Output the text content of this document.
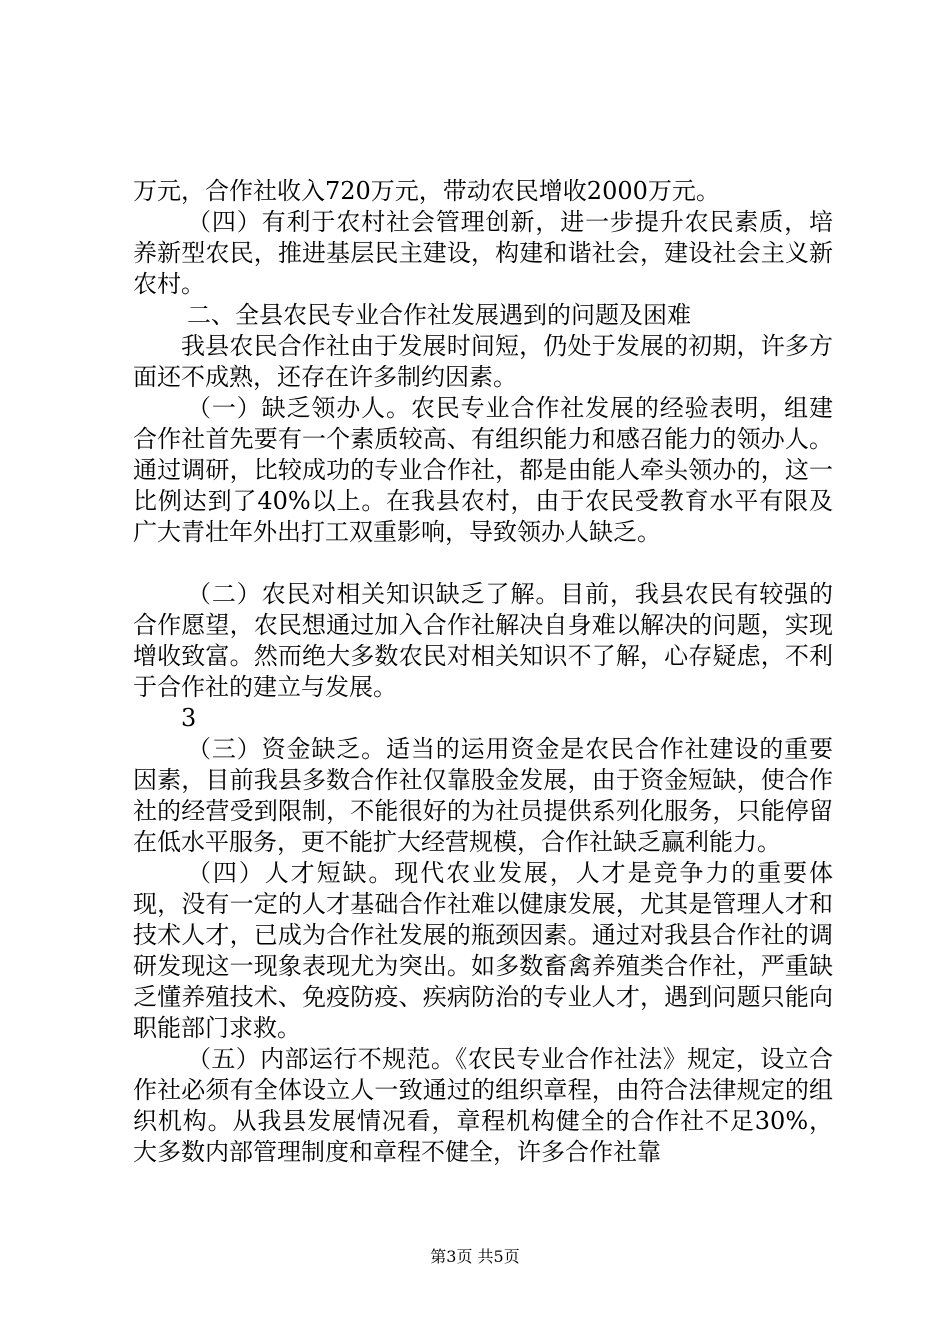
万元，合作社收入720万元，带动农民增收2000万元。

（四）有利于农村社会管理创新，进一步提升农民素质，培养新型农民，推进基层民主建设，构建和谐社会，建设社会主义新农村。

二、全县农民专业合作社发展遇到的问题及困难

我县农民合作社由于发展时间短，仍处于发展的初期，许多方面还不成熟，还存在许多制约因素。

（一）缺乏领办人。农民专业合作社发展的经验表明，组建合作社首先要有一个素质较高、有组织能力和感召能力的领办人。通过调研，比较成功的专业合作社，都是由能人牵头领办的，这一比例达到了40%以上。在我县农村，由于农民受教育水平有限及广大青壮年外出打工双重影响，导致领办人缺乏。

（二）农民对相关知识缺乏了解。目前，我县农民有较强的合作愿望，农民想通过加入合作社解决自身难以解决的问题，实现增收致富。然而绝大多数农民对相关知识不了解，心存疑虑，不利于合作社的建立与发展。

3

（三）资金缺乏。适当的运用资金是农民合作社建设的重要因素，目前我县多数合作社仅靠股金发展，由于资金短缺，使合作社的经营受到限制，不能很好的为社员提供系列化服务，只能停留在低水平服务，更不能扩大经营规模，合作社缺乏赢利能力。

（四）人才短缺。现代农业发展，人才是竞争力的重要体现，没有一定的人才基础合作社难以健康发展，尤其是管理人才和技术人才，已成为合作社发展的瓶颈因素。通过对我县合作社的调研发现这一现象表现尤为突出。如多数畜禽养殖类合作社，严重缺乏懂养殖技术、免疫防疫、疾病防治的专业人才，遇到问题只能向职能部门求救。

（五）内部运行不规范。《农民专业合作社法》规定，设立合作社必须有全体设立人一致通过的组织章程，由符合法律规定的组织机构。从我县发展情况看，章程机构健全的合作社不足30%，大多数内部管理制度和章程不健全，许多合作社靠

第3页 共5页
